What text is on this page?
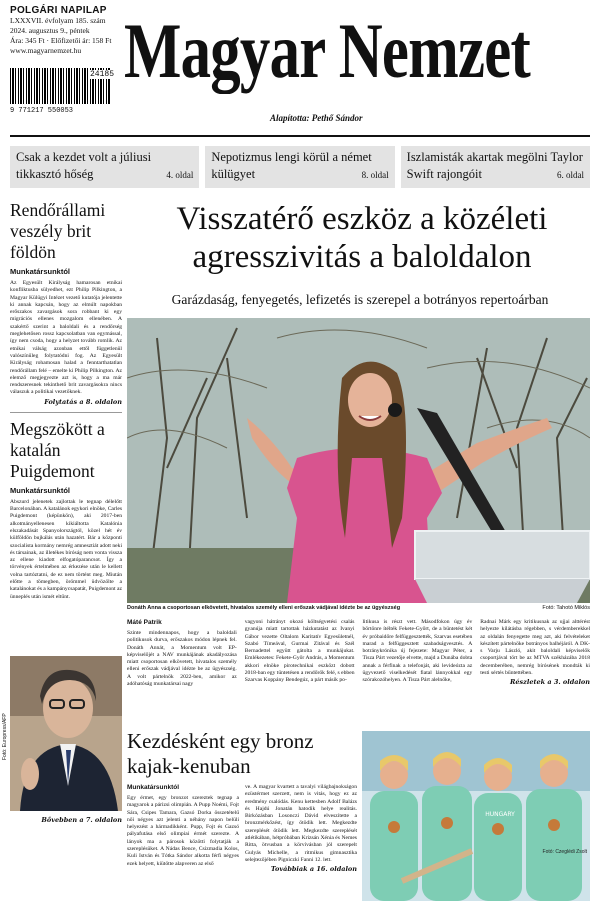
POLGÁRI NAPILAP
LXXXVII. évfolyam 185. szám
2024. augusztus 9., péntek
Ára: 345 Ft · Előfizetői ár: 158 Ft
www.magyarnemzet.hu
24185
9 771217 550053
Magyar Nemzet
Alapította: Pethő Sándor
Csak a kezdet volt a júliusi tikkasztó hőség	4. oldal
Nepotizmus lengi körül a német külügyet	8. oldal
Iszlamisták akartak megölni Taylor Swift rajongóit	6. oldal
Rendőrállami veszély brit földön
Munkatársunktól
Az Egyesült Királyság hamarosan etnikai konfliktusba sülyedhet, ezt Philip Pilkington, a Magyar Külügyi Intézet vezető kutatója jelentette ki annak kapcsán, hogy az elmúlt napokban erőszakos zavargások sora robbant ki egy migrációs ellenes mozgalom ellenében. A szakértő szerint a baloldali és a rendőrség meglehetősen rossz kapcsolatban van egymással, így nem csoda, hogy a helyzet tovább romlik. Az etnikai válság azonban ettől függetlenül valószínűleg folytatódni fog. Az Egyesült Királyság rohamosan halad a fenntarthatatlan rendőrállam felé – emelte ki Philip Pilkington. Az elemző megjegyezte azt is, hogy a ma már rendszeresnek tekinthető brit zavargásokra nincs válaszuk a politikai vezetőknek.
Folytatás a 8. oldalon
Megszökött a katalán Puigdemont
Munkatársunktól
Abszurd jelenetek zajlottak le tegnap délelőtt Barcelonában. A katalánok egykori elnöke, Carles Puigdemont (képünkön), aki 2017-ben alkotmányellenesen kikiáltotta Katalónia elszakadását Spanyolországtól, közel hét év külföldön bujkálás után hazatért. Bár a központi szocialista kormány nemrég amnesztiát adott neki és társainak, az illetékes bíróság nem vonta vissza az ellene kiadott elfogatóparancsot. Így a törvények értelmében az érkezése után le kellett volna tartóztatni, de ez nem történt meg. Miután előtte a tömegben, örömmel üdvözölte a katalánokat és a kampánycsapatát, Puigdemont az ünneplés után ismét eltűnt.
Fotó: Europress/AFP
Bővebben a 7. oldalon
Visszatérő eszköz a közéleti agresszivitás a baloldalon
Garázdaság, fenyegetés, lefizetés is szerepel a botrányos repertoárban
Donáth Anna a csoportosan elkövetett, hivatalos személy elleni erőszak vádjával idézte be az ügyészség	Fotó: Tahotó Miklós
Máté Patrik
Szinte mindennapos, hogy a baloldali politikusok durva, erőszakos módon lépnek fel. Donáth Annát, a Momentum volt EP-képviselőjét a NAV munkájának akadályozása miatt csoportosan elkövetett, hivatalos személy elleni erőszak vádjával idézte be az ügyészség. A volt pártelnök 2022-ben, amikor az adóhatóság munkatársai nagy
vagyoni hátrányt okozó költségvetési csalás gyanúja miatt tartottak házkutatást az Ivanyi Gábor vezette Oltalom Karitatív Egyesületnél, Szabó Tímeával, Gurmai Zitával és Szél Bernadettel együtt gátolta a munkájukat. Emlékezetes: Fekete-Győr András, a Momentum akkori elnöke pirotechnikai eszközt dobott 2018-ban egy tüntetésen a rendőrök felé, s ebben Szarvas Koppány Bendegúz, a párt másik po-
litikusa is részt vett. Másodfokon úgy év börtönre ítélték Fekete-Győrt, de a büntetést két év próbaidőre felfüggesztették, Szarvas esetében marad a felfüggesztett szabadságvesztés. A botránykrónika új fejezete: Magyar Péter, a Tisza Párt vezetője elvette, majd a Dunába dobta annak a férfinak a telefonját, aki levideózta az ügyvezető viselkedését fiatal lánnyokkal egy szórakozóhelyen. A Tisza Párt alelnöke,
Radnai Márk egy kritikusnak az ujjai alttérést helyezte kilátásba régebben, s vérdemberekkel az oldalán fenyegette meg azt, aki felvételeket készített pártelnöke botrányos balhéjáról. A DK-s Varju László, akit baloldali képviselők csoportjával tört be az MTVA székházába 2018 decemberében, nemrég bírósének mondták ki testi sértés bűntettében.
Részletek a 3. oldalon
Kezdésként egy bronz kajak-kenuban
Munkatársunktól
Egy érmet, egy bronzot szereztek tegnap a magyarok a párizsi olimpián. A Pupp Noémi, Fojt Sára, Csipes Tamara, Gazsó Dorka összetételű női négyes azt jelenti a néhány napon belüli helyezést a hármadikként. Pupp, Fojt és Gazsó pályafutása első olimpiai érmét szerezte. A lányok ma a párosok közötti folytatják a szereplésüket. A Nádas Bence, Csizmadia Kolos, Kuli István és Tótka Sándor alkotta férfi négyes ezek helyett, kiütötte alapveren az első
ve. A magyar kvartett a tavalyi világbajnokságon ezüstérmet szerzett, nem is vitás, hogy ez az eredmény csalódás. Kenu kettesben Adolf Balázs és Hajdú Jonatán hatodik helye realitás. Birkózásban Losonczi Dávid elveszítette a bronzmérkőzést, így ötödik lett. Megkezdte szereplését ötödik lett. Megkezdte szereplését atlétikában, hétpróbában Krizsán Xénia és Nemes Ritta, ötvusban a körvívásban jól szerepelt Gulyás Michelle, a ritmikus gimnasztika selejtezőjében Pigniczki Fanni 12. lett.
Továbbiak a 16. oldalon
HUNGARY
Fotó: Czeglédi Zsolt
